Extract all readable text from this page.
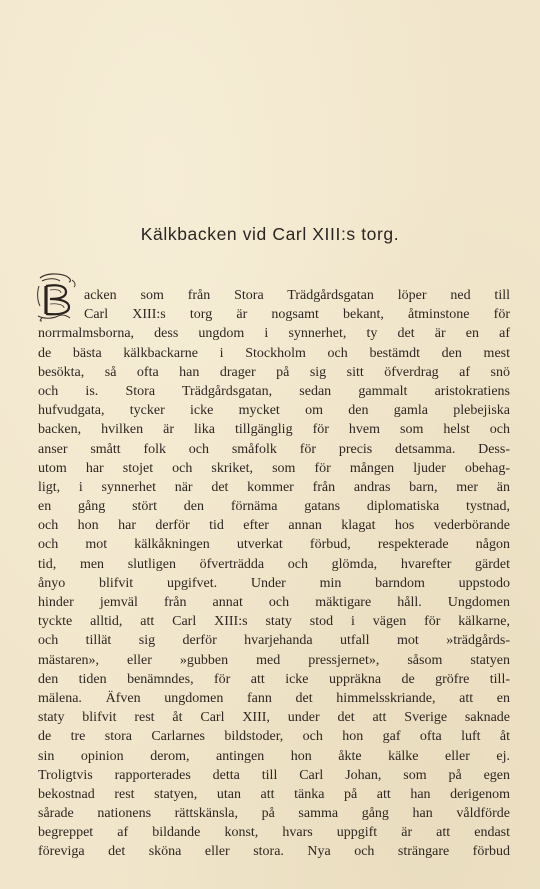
Kälkbacken vid Carl XIII:s torg.
acken som från Stora Trädgårdsgatan löper ned till
Carl XIII:s torg är nogsamt bekant, åtminstone för
norrmalmsborna, dess ungdom i synnerhet, ty det är en af
de bästa kälkbackarne i Stockholm och bestämdt den mest
besökta, så ofta han drager på sig sitt öfverdrag af snö
och is. Stora Trädgårdsgatan, sedan gammalt aristokratiens
hufvudgata, tycker icke mycket om den gamla plebejiska
backen, hvilken är lika tillgänglig för hvem som helst och
anser smått folk och småfolk för precis detsamma. Dess-
utom har stojet och skriket, som för mången ljuder obehag-
ligt, i synnerhet när det kommer från andras barn, mer än
en gång stört den förnäma gatans diplomatiska tystnad,
och hon har derför tid efter annan klagat hos vederbörande
och mot kälkåkningen utverkat förbud, respekterade någon
tid, men slutligen öfverträdda och glömda, hvarefter gärdet
ånyo blifvit upgifvet. Under min barndom uppstodo
hinder jemväl från annat och mäktigare håll. Ungdomen
tyckte alltid, att Carl XIII:s staty stod i vägen för kälkarne,
och tillät sig derför hvarjehanda utfall mot »trädgårds-
mästaren», eller »gubben med pressjernet», såsom statyen
den tiden benämndes, för att icke uppräkna de gröfre till-
mälena. Äfven ungdomen fann det himmelsskriande, att en
staty blifvit rest åt Carl XIII, under det att Sverige saknade
de tre stora Carlarnes bildstoder, och hon gaf ofta luft åt
sin opinion derom, antingen hon åkte kälke eller ej.
Troligtvis rapporterades detta till Carl Johan, som på egen
bekostnad rest statyen, utan att tänka på att han derigenom
sårade nationens rättskänsla, på samma gång han våldförde
begreppet af bildande konst, hvars uppgift är att endast
föreviga det sköna eller stora. Nya och strängare förbud
